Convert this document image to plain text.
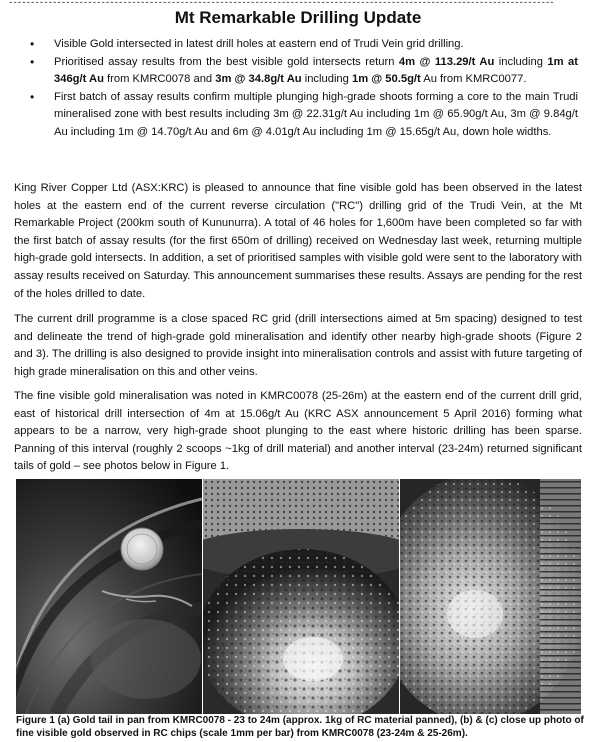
----------------------------------------------------------------------------------------------------------------------------
Mt Remarkable Drilling Update
• Visible Gold intersected in latest drill holes at eastern end of Trudi Vein grid drilling.
• Prioritised assay results from the best visible gold intersects return 4m @ 113.29/t Au including 1m at 346g/t Au from KMRC0078 and 3m @ 34.8g/t Au including 1m @ 50.5g/t Au from KMRC0077.
• First batch of assay results confirm multiple plunging high-grade shoots forming a core to the main Trudi mineralised zone with best results including 3m @ 22.31g/t Au including 1m @ 65.90g/t Au, 3m @ 9.84g/t Au including 1m @ 14.70g/t Au and 6m @ 4.01g/t Au including 1m @ 15.65g/t Au, down hole widths.

King River Copper Ltd (ASX:KRC) is pleased to announce that fine visible gold has been observed in the latest holes at the eastern end of the current reverse circulation ("RC") drilling grid of the Trudi Vein, at the Mt Remarkable Project (200km south of Kununurra). A total of 46 holes for 1,600m have been completed so far with the first batch of assay results (for the first 650m of drilling) received on Wednesday last week, returning multiple high-grade gold intersects. In addition, a set of prioritised samples with visible gold were sent to the laboratory with assay results received on Saturday. This announcement summarises these results. Assays are pending for the rest of the holes drilled to date.

The current drill programme is a close spaced RC grid (drill intersections aimed at 5m spacing) designed to test and delineate the trend of high-grade gold mineralisation and identify other nearby high-grade shoots (Figure 2 and 3). The drilling is also designed to provide insight into mineralisation controls and assist with future targeting of high grade mineralisation on this and other veins.

The fine visible gold mineralisation was noted in KMRC0078 (25-26m) at the eastern end of the current drill grid, east of historical drill intersection of 4m at 15.06g/t Au (KRC ASX announcement 5 April 2016) forming what appears to be a narrow, very high-grade shoot plunging to the east where historic drilling has been sparse. Panning of this interval (roughly 2 scoops ~1kg of drill material) and another interval (23-24m) returned significant tails of gold – see photos below in Figure 1.

Figure 1 (a) Gold tail in pan from KMRC0078 - 23 to 24m (approx. 1kg of RC material panned), (b) & (c) close up photo of fine visible gold observed in RC chips (scale 1mm per bar) from KMRC0078 (23-24m & 25-26m).
